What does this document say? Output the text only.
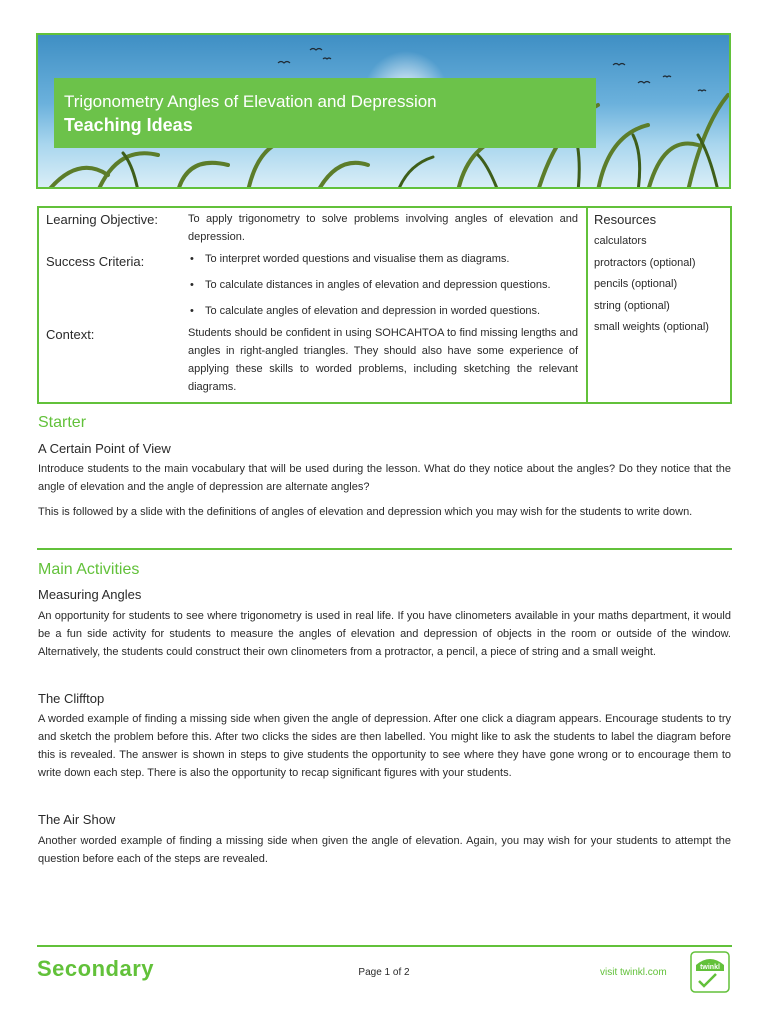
Trigonometry Angles of Elevation and Depression
Teaching Ideas
Learning Objective:	To apply trigonometry to solve problems involving angles of elevation and depression.
Success Criteria:	• To interpret worded questions and visualise them as diagrams.
• To calculate distances in angles of elevation and depression questions.
• To calculate angles of elevation and depression in worded questions.
Context:	Students should be confident in using SOHCAHTOA to find missing lengths and angles in right-angled triangles. They should also have some experience of applying these skills to worded problems, including sketching the relevant diagrams.
Resources
calculators
protractors (optional)
pencils (optional)
string (optional)
small weights (optional)
Starter
A Certain Point of View
Introduce students to the main vocabulary that will be used during the lesson. What do they notice about the angles? Do they notice that the angle of elevation and the angle of depression are alternate angles?
This is followed by a slide with the definitions of angles of elevation and depression which you may wish for the students to write down.
Main Activities
Measuring Angles
An opportunity for students to see where trigonometry is used in real life. If you have clinometers available in your maths department, it would be a fun side activity for students to measure the angles of elevation and depression of objects in the room or outside of the window. Alternatively, the students could construct their own clinometers from a protractor, a pencil, a piece of string and a small weight.
The Clifftop
A worded example of finding a missing side when given the angle of depression. After one click a diagram appears. Encourage students to try and sketch the problem before this. After two clicks the sides are then labelled. You might like to ask the students to label the diagram before this is revealed. The answer is shown in steps to give students the opportunity to see where they have gone wrong or to encourage them to write down each step. There is also the opportunity to recap significant figures with your students.
The Air Show
Another worded example of finding a missing side when given the angle of elevation. Again, you may wish for your students to attempt the question before each of the steps are revealed.
Secondary	Page 1 of 2	visit twinkl.com	twinkl
